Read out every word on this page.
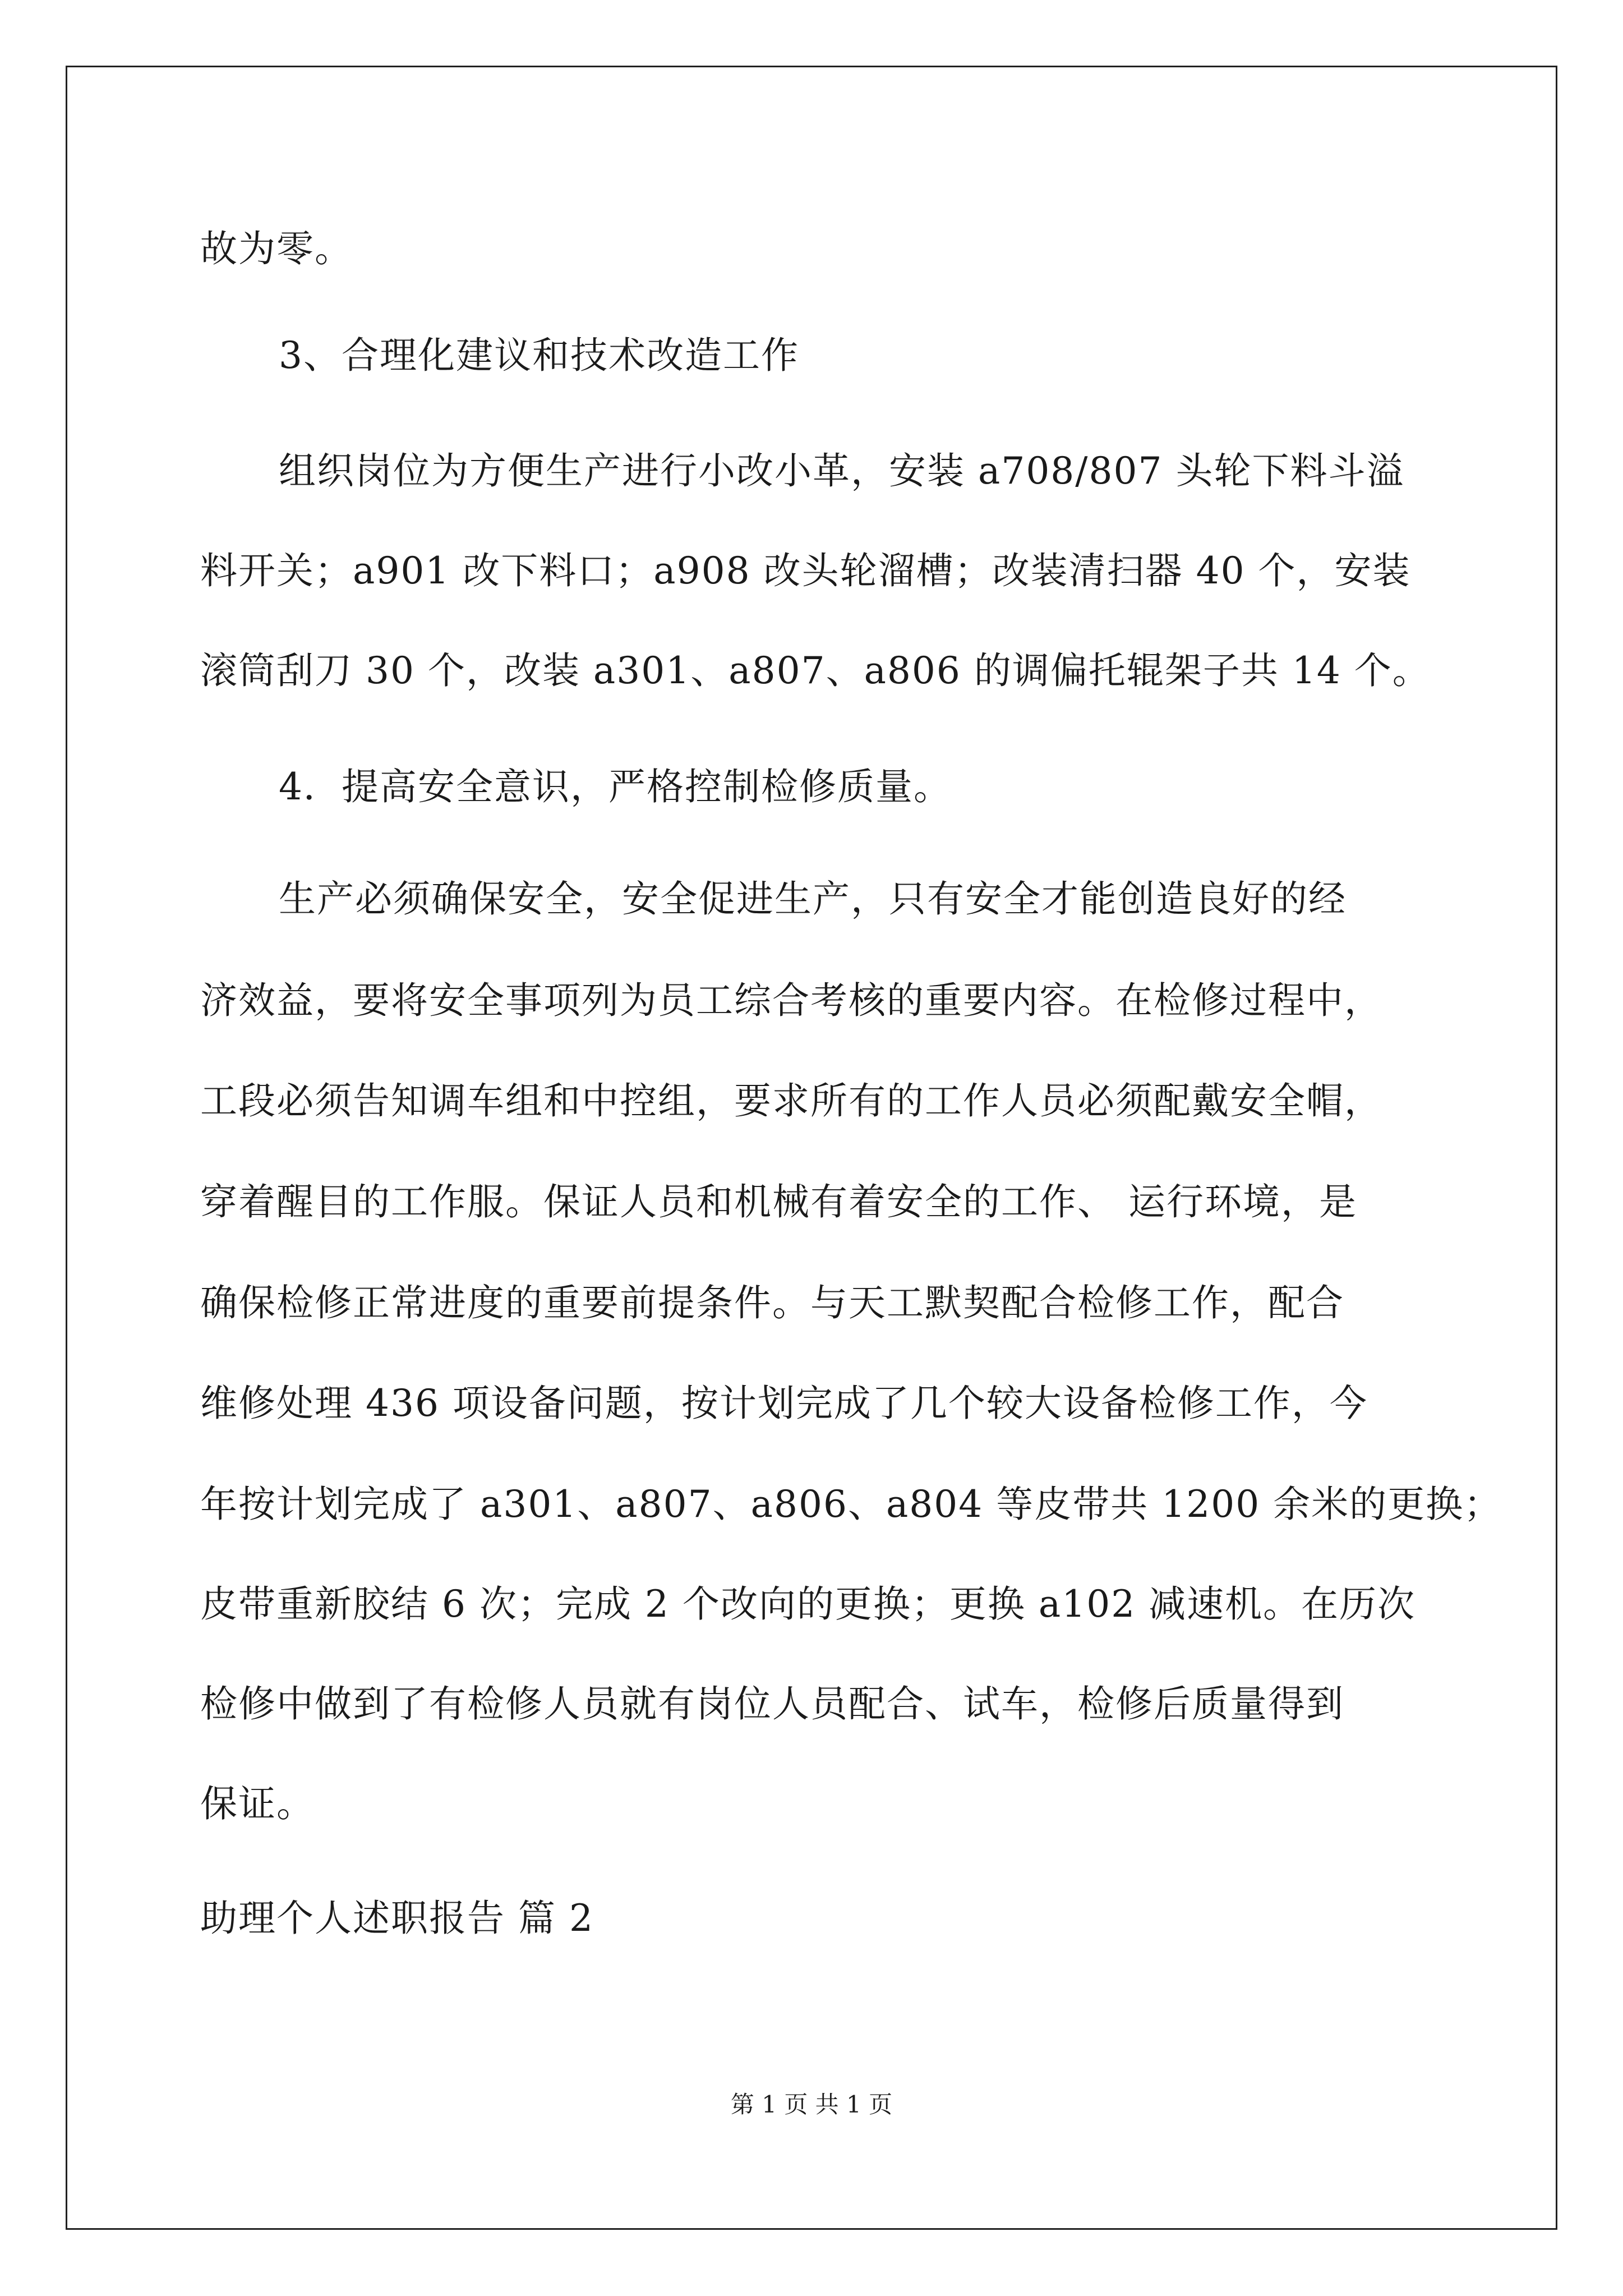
故为零。
3、合理化建议和技术改造工作
组织岗位为方便生产进行小改小革，安装 a708/807 头轮下料斗溢
料开关；a901 改下料口；a908 改头轮溜槽；改装清扫器 40 个，安装
滚筒刮刀 30 个，改装 a301、a807、a806 的调偏托辊架子共 14 个。
4．提高安全意识，严格控制检修质量。
生产必须确保安全，安全促进生产，只有安全才能创造良好的经
济效益，要将安全事项列为员工综合考核的重要内容。在检修过程中，
工段必须告知调车组和中控组，要求所有的工作人员必须配戴安全帽，
穿着醒目的工作服。保证人员和机械有着安全的工作、 运行环境，是
确保检修正常进度的重要前提条件。与天工默契配合检修工作，配合
维修处理 436 项设备问题，按计划完成了几个较大设备检修工作，今
年按计划完成了 a301、a807、a806、a804 等皮带共 1200 余米的更换；
皮带重新胶结 6 次；完成 2 个改向的更换；更换 a102 减速机。在历次
检修中做到了有检修人员就有岗位人员配合、试车，检修后质量得到
保证。
助理个人述职报告 篇 2
第 1 页 共 1 页
